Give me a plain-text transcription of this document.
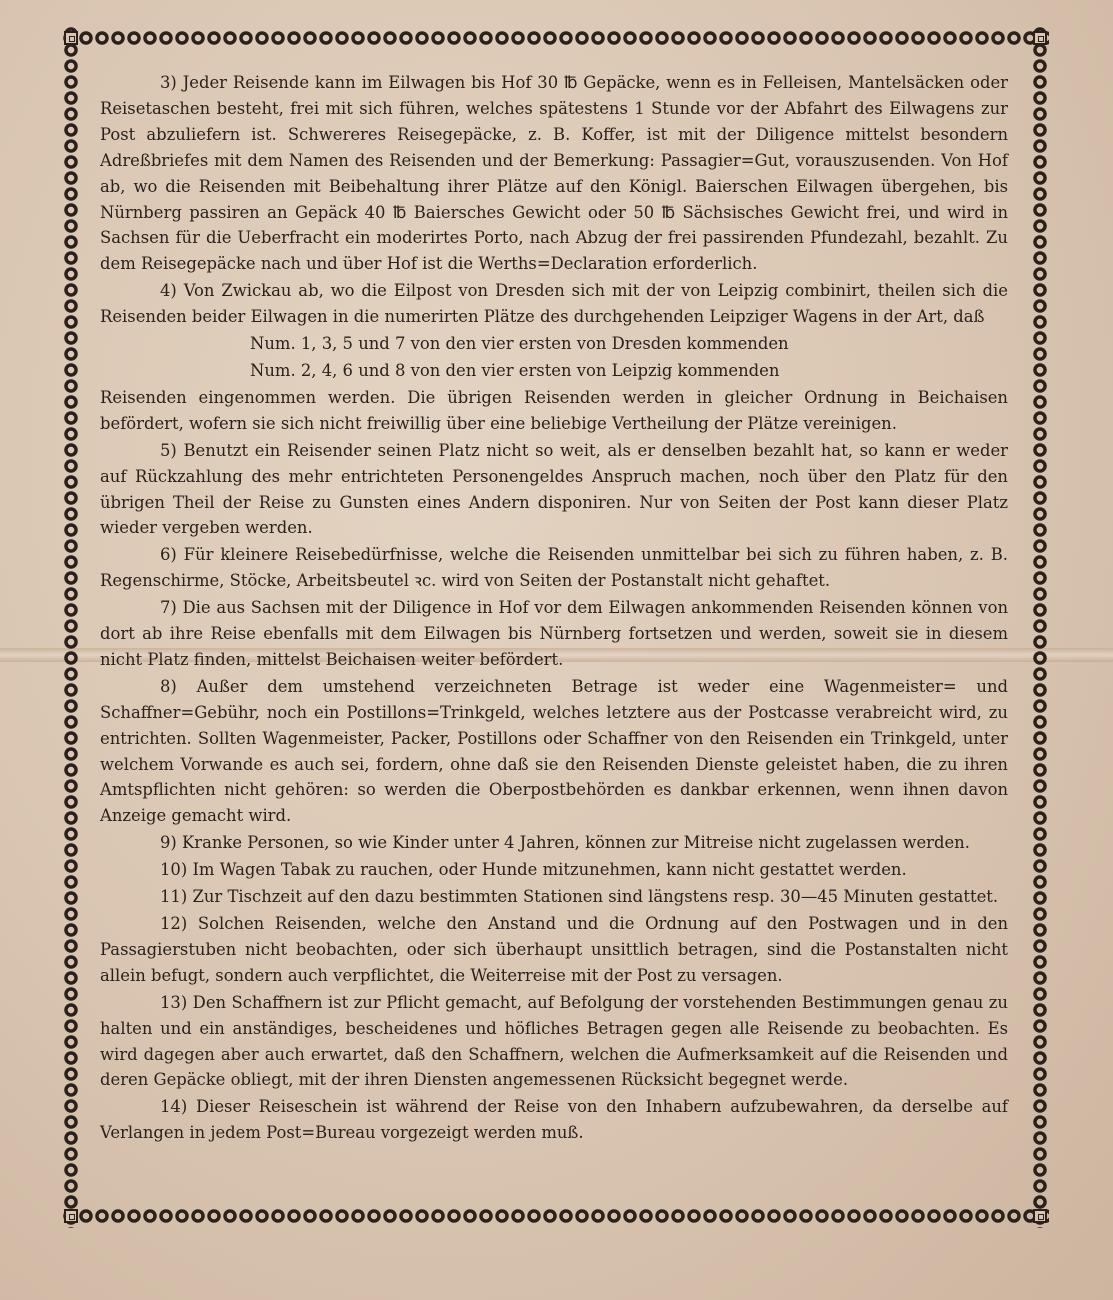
3) Jeder Reisende kann im Eilwagen bis Hof 30 ℔ Gepäcke, wenn es in Felleisen, Mantelsäcken oder Reisetaschen besteht, frei mit sich führen, welches spätestens 1 Stunde vor der Abfahrt des Eilwagens zur Post abzuliefern ist. Schwereres Reisegepäcke, z. B. Koffer, ist mit der Diligence mittelst besondern Adreßbriefes mit dem Namen des Reisenden und der Bemerkung: Passagier=Gut, vorauszusenden. Von Hof ab, wo die Reisenden mit Beibehaltung ihrer Plätze auf den Königl. Baierschen Eilwagen übergehen, bis Nürnberg passiren an Gepäck 40 ℔ Baiersches Gewicht oder 50 ℔ Sächsisches Gewicht frei, und wird in Sachsen für die Ueberfracht ein moderirtes Porto, nach Abzug der frei passirenden Pfundezahl, bezahlt. Zu dem Reisegepäcke nach und über Hof ist die Werths=Declaration erforderlich.

4) Von Zwickau ab, wo die Eilpost von Dresden sich mit der von Leipzig combinirt, theilen sich die Reisenden beider Eilwagen in die numerirten Plätze des durchgehenden Leipziger Wagens in der Art, daß

Num. 1, 3, 5 und 7 von den vier ersten von Dresden kommenden

Num. 2, 4, 6 und 8 von den vier ersten von Leipzig kommenden

Reisenden eingenommen werden. Die übrigen Reisenden werden in gleicher Ordnung in Beichaisen befördert, wofern sie sich nicht freiwillig über eine beliebige Vertheilung der Plätze vereinigen.

5) Benutzt ein Reisender seinen Platz nicht so weit, als er denselben bezahlt hat, so kann er weder auf Rückzahlung des mehr entrichteten Personengeldes Anspruch machen, noch über den Platz für den übrigen Theil der Reise zu Gunsten eines Andern disponiren. Nur von Seiten der Post kann dieser Platz wieder vergeben werden.

6) Für kleinere Reisebedürfnisse, welche die Reisenden unmittelbar bei sich zu führen haben, z. B. Regenschirme, Stöcke, Arbeitsbeutel ꝛc. wird von Seiten der Postanstalt nicht gehaftet.

7) Die aus Sachsen mit der Diligence in Hof vor dem Eilwagen ankommenden Reisenden können von dort ab ihre Reise ebenfalls mit dem Eilwagen bis Nürnberg fortsetzen und werden, soweit sie in diesem nicht Platz finden, mittelst Beichaisen weiter befördert.

8) Außer dem umstehend verzeichneten Betrage ist weder eine Wagenmeister= und Schaffner=Gebühr, noch ein Postillons=Trinkgeld, welches letztere aus der Postcasse verabreicht wird, zu entrichten. Sollten Wagenmeister, Packer, Postillons oder Schaffner von den Reisenden ein Trinkgeld, unter welchem Vorwande es auch sei, fordern, ohne daß sie den Reisenden Dienste geleistet haben, die zu ihren Amtspflichten nicht gehören: so werden die Oberpostbehörden es dankbar erkennen, wenn ihnen davon Anzeige gemacht wird.

9) Kranke Personen, so wie Kinder unter 4 Jahren, können zur Mitreise nicht zugelassen werden.

10) Im Wagen Tabak zu rauchen, oder Hunde mitzunehmen, kann nicht gestattet werden.

11) Zur Tischzeit auf den dazu bestimmten Stationen sind längstens resp. 30—45 Minuten gestattet.

12) Solchen Reisenden, welche den Anstand und die Ordnung auf den Postwagen und in den Passagierstuben nicht beobachten, oder sich überhaupt unsittlich betragen, sind die Postanstalten nicht allein befugt, sondern auch verpflichtet, die Weiterreise mit der Post zu versagen.

13) Den Schaffnern ist zur Pflicht gemacht, auf Befolgung der vorstehenden Bestimmungen genau zu halten und ein anständiges, bescheidenes und höfliches Betragen gegen alle Reisende zu beobachten. Es wird dagegen aber auch erwartet, daß den Schaffnern, welchen die Aufmerksamkeit auf die Reisenden und deren Gepäcke obliegt, mit der ihren Diensten angemessenen Rücksicht begegnet werde.

14) Dieser Reiseschein ist während der Reise von den Inhabern aufzubewahren, da derselbe auf Verlangen in jedem Post=Bureau vorgezeigt werden muß.
